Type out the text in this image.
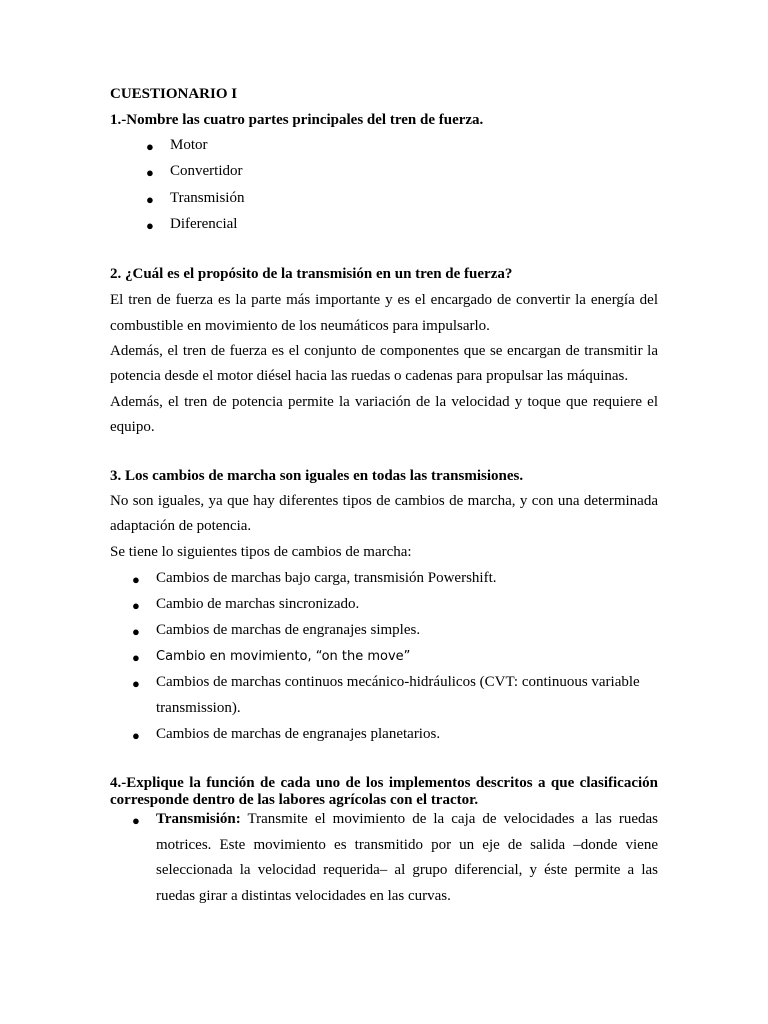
CUESTIONARIO I
1.-Nombre las cuatro partes principales del tren de fuerza.
● Motor
● Convertidor
● Transmisión
● Diferencial
2. ¿Cuál es el propósito de la transmisión en un tren de fuerza?
El tren de fuerza es la parte más importante y es el encargado de convertir la energía del
combustible en movimiento de los neumáticos para impulsarlo.
Además, el tren de fuerza es el conjunto de componentes que se encargan de transmitir la
potencia desde el motor diésel hacia las ruedas o cadenas para propulsar las máquinas.
Además, el tren de potencia permite la variación de la velocidad y toque que requiere el
equipo.
3. Los cambios de marcha son iguales en todas las transmisiones.
No son iguales, ya que hay diferentes tipos de cambios de marcha, y con una determinada
adaptación de potencia.
Se tiene lo siguientes tipos de cambios de marcha:
● Cambios de marchas bajo carga, transmisión Powershift.
● Cambio de marchas sincronizado.
● Cambios de marchas de engranajes simples.
● Cambio en movimiento, “on the move”
● Cambios de marchas continuos mecánico-hidráulicos (CVT: continuous variable
transmission).
● Cambios de marchas de engranajes planetarios.
4.-Explique la función de cada uno de los implementos descritos a que clasificación
corresponde dentro de las labores agrícolas con el tractor.
● Transmisión: Transmite el movimiento de la caja de velocidades a las ruedas
motrices. Este movimiento es transmitido por un eje de salida –donde viene
seleccionada la velocidad requerida– al grupo diferencial, y éste permite a las
ruedas girar a distintas velocidades en las curvas.
